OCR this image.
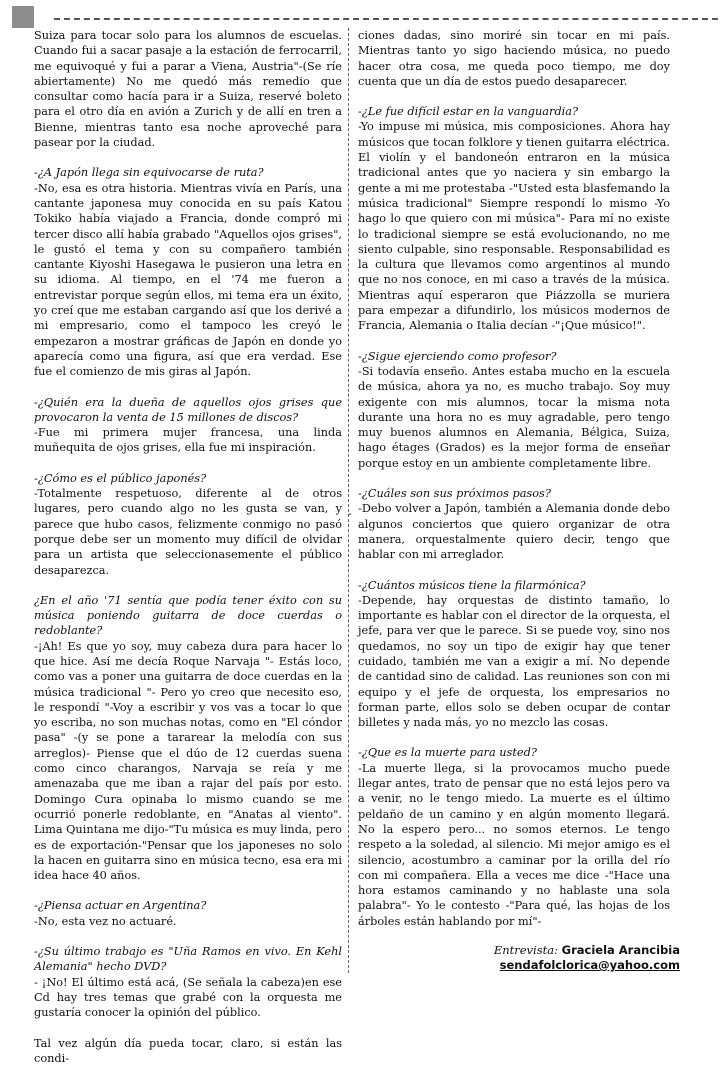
-

Suiza para tocar solo para los alumnos de escuelas. Cuando fui a sacar pasaje a la estación de ferrocarril, me equivoqué y fui a parar a Viena, Austria"-(Se ríe abiertamente) No me quedó más remedio que consultar como hacía para ir a Suiza, reservé boleto para el otro día en avión a Zurich y de allí en tren a Bienne, mientras tanto esa noche aproveché para pasear por la ciudad.

-¿A Japón llega sin equivocarse de ruta?

-No, esa es otra historia. Mientras vivía en París, una cantante japonesa muy conocida en su país Katou Tokiko había viajado a Francia, donde compró mi tercer disco allí había grabado "Aquellos ojos grises", le gustó el tema y con su compañero también cantante Kiyoshi Hasegawa le pusieron una letra en su idioma. Al tiempo, en el '74 me fueron a entrevistar porque según ellos, mi tema era un éxito, yo creí que me estaban cargando así que los derivé a mi empresario, como el tampoco les creyó le empezaron a mostrar gráficas de Japón en donde yo aparecía como una figura, así que era verdad. Ese fue el comienzo de mis giras al Japón.

-¿Quién era la dueña de aquellos ojos grises que provocaron la venta de 15 millones de discos?

-Fue mi primera mujer francesa, una linda muñequita de ojos grises, ella fue mi inspiración.

-¿Cómo es el público japonés?

-Totalmente respetuoso, diferente al de otros lugares, pero cuando algo no les gusta se van, y parece que hubo casos, felizmente conmigo no pasó porque debe ser un momento muy difícil de olvidar para un artista que seleccionasemente el público desaparezca.

¿En el año '71 sentía que podía tener éxito con su música poniendo guitarra de doce cuerdas o redoblante?

-¡Ah! Es que yo soy, muy cabeza dura para hacer lo que hice. Así me decía Roque Narvaja "- Estás loco, como vas a poner una guitarra de doce cuerdas en la música tradicional "- Pero yo creo que necesito eso, le respondí "-Voy a escribir y vos vas a tocar lo que yo escriba, no son muchas notas, como en "El cóndor pasa" -(y se pone a tararear la melodía con sus arreglos)- Piense que el dúo de 12 cuerdas suena como cinco charangos, Narvaja se reía y me amenazaba que me iban a rajar del país por esto. Domingo Cura opinaba lo mismo cuando se me ocurrió ponerle redoblante, en "Anatas al viento". Lima Quintana me dijo-"Tu música es muy linda, pero es de exportación-"Pensar que los japoneses no solo la hacen en guitarra sino en música tecno, esa era mi idea hace 40 años.

-¿Piensa actuar en Argentina?

-No, esta vez no actuaré.

-¿Su último trabajo es "Uña Ramos en vivo. En Kehl Alemania" hecho DVD?

- ¡No! El último está acá, (Se señala la cabeza)en ese Cd hay tres temas que grabé con la orquesta me gustaría conocer la opinión del público.

Tal vez algún día pueda tocar, claro, si están las condi-

ciones dadas, sino moriré sin tocar en mi país. Mientras tanto yo sigo haciendo música, no puedo hacer otra cosa, me queda poco tiempo, me doy cuenta que un día de estos puedo desaparecer.

-¿Le fue difícil estar en la vanguardia?

-Yo impuse mi música, mis composiciones. Ahora hay músicos que tocan folklore y tienen guitarra eléctrica. El violín y el bandoneón entraron en la música tradicional antes que yo naciera y sin embargo la gente a mi me protestaba -"Usted esta blasfemando la música tradicional" Siempre respondí lo mismo -Yo hago lo que quiero con mi música"- Para mí no existe lo tradicional siempre se está evolucionando, no me siento culpable, sino responsable. Responsabilidad es la cultura que llevamos como argentinos al mundo que no nos conoce, en mi caso a través de la música. Mientras aquí esperaron que Piázzolla se muriera para empezar a difundirlo, los músicos modernos de Francia, Alemania o Italia decían -"¡Que músico!".

-¿Sigue ejerciendo como profesor?

-Si todavía enseño. Antes estaba mucho en la escuela de música, ahora ya no, es mucho trabajo. Soy muy exigente con mis alumnos, tocar la misma nota durante una hora no es muy agradable, pero tengo muy buenos alumnos en Alemania, Bélgica, Suiza, hago étages (Grados) es la mejor forma de enseñar porque estoy en un ambiente completamente libre.

-¿Cuáles son sus próximos pasos?

-Debo volver a Japón, también a Alemania donde debo algunos conciertos que quiero organizar de otra manera, orquestalmente quiero decir, tengo que hablar con mi arreglador.

-¿Cuántos músicos tiene la filarmónica?

-Depende, hay orquestas de distinto tamaño, lo importante es hablar con el director de la orquesta, el jefe, para ver que le parece. Si se puede voy, sino nos quedamos, no soy un tipo de exigir hay que tener cuidado, también me van a exigir a mí. No depende de cantidad sino de calidad. Las reuniones son con mi equipo y el jefe de orquesta, los empresarios no forman parte, ellos solo se deben ocupar de contar billetes y nada más, yo no mezclo las cosas.

-¿Que es la muerte para usted?

-La muerte llega, si la provocamos mucho puede llegar antes, trato de pensar que no está lejos pero va a venir, no le tengo miedo. La muerte es el último peldaño de un camino y en algún momento llegará. No la espero pero... no somos eternos. Le tengo respeto a la soledad, al silencio. Mi mejor amigo es el silencio, acostumbro a caminar por la orilla del río con mi compañera. Ella a veces me dice -"Hace una hora estamos caminando y no hablaste una sola palabra"- Yo le contesto -"Para qué, las hojas de los árboles están hablando por mí"-

Entrevista: Graciela Arancibia
sendafolclorica@yahoo.com
